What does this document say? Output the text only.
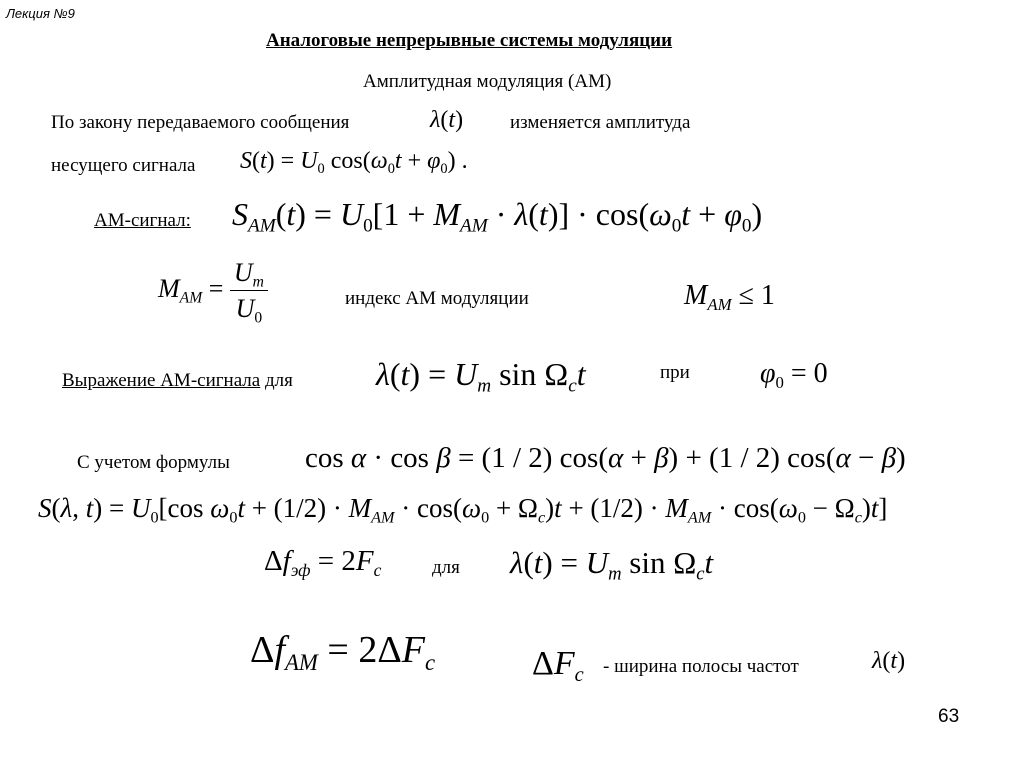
Лекция №9
Аналоговые непрерывные системы модуляции
Амплитудная модуляция (АМ)
По закону передаваемого сообщения	λ(t) изменяется амплитуда
несущего сигнала $S(t) = U_0$ $\cos(\omega_0t + \varphi_0)$ .
АМ-сигнал: $S_{AM}(t) = U_0[1 + M_{AM} \cdot \lambda(t)] \cdot \cos(\omega_0t + \varphi_0)$
$M_{AM} = \frac{U_m}{U_0}$	индекс АМ модуляции	$M_{AM} \le 1$
Выражение АМ-сигнала для	$\lambda(t) = U_m$ $\sin \Omega_ct$	при	$\varphi_0 = 0$
С учетом формулы	cos α · cos β = (1 / 2) cos(α + β) + (1 / 2) cos(α − β)
S(λ, $t) = U_0[\cos$ $\omega_0t + (1/2) \cdot M_{AM} \cdot \cos(\omega_0 + \Omega_c)t + (1/2) \cdot M_{AM} \cdot \cos(\omega_0 - \Omega_c)t$]
$\Delta f_{эф} = 2F_c$	для $\lambda(t) = U_m$ $\sin \Omega_ct$
$\Delta f_{AM} = 2\Delta F_c$	$\Delta F_c$ - ширина полосы частот	λ(t)
63
